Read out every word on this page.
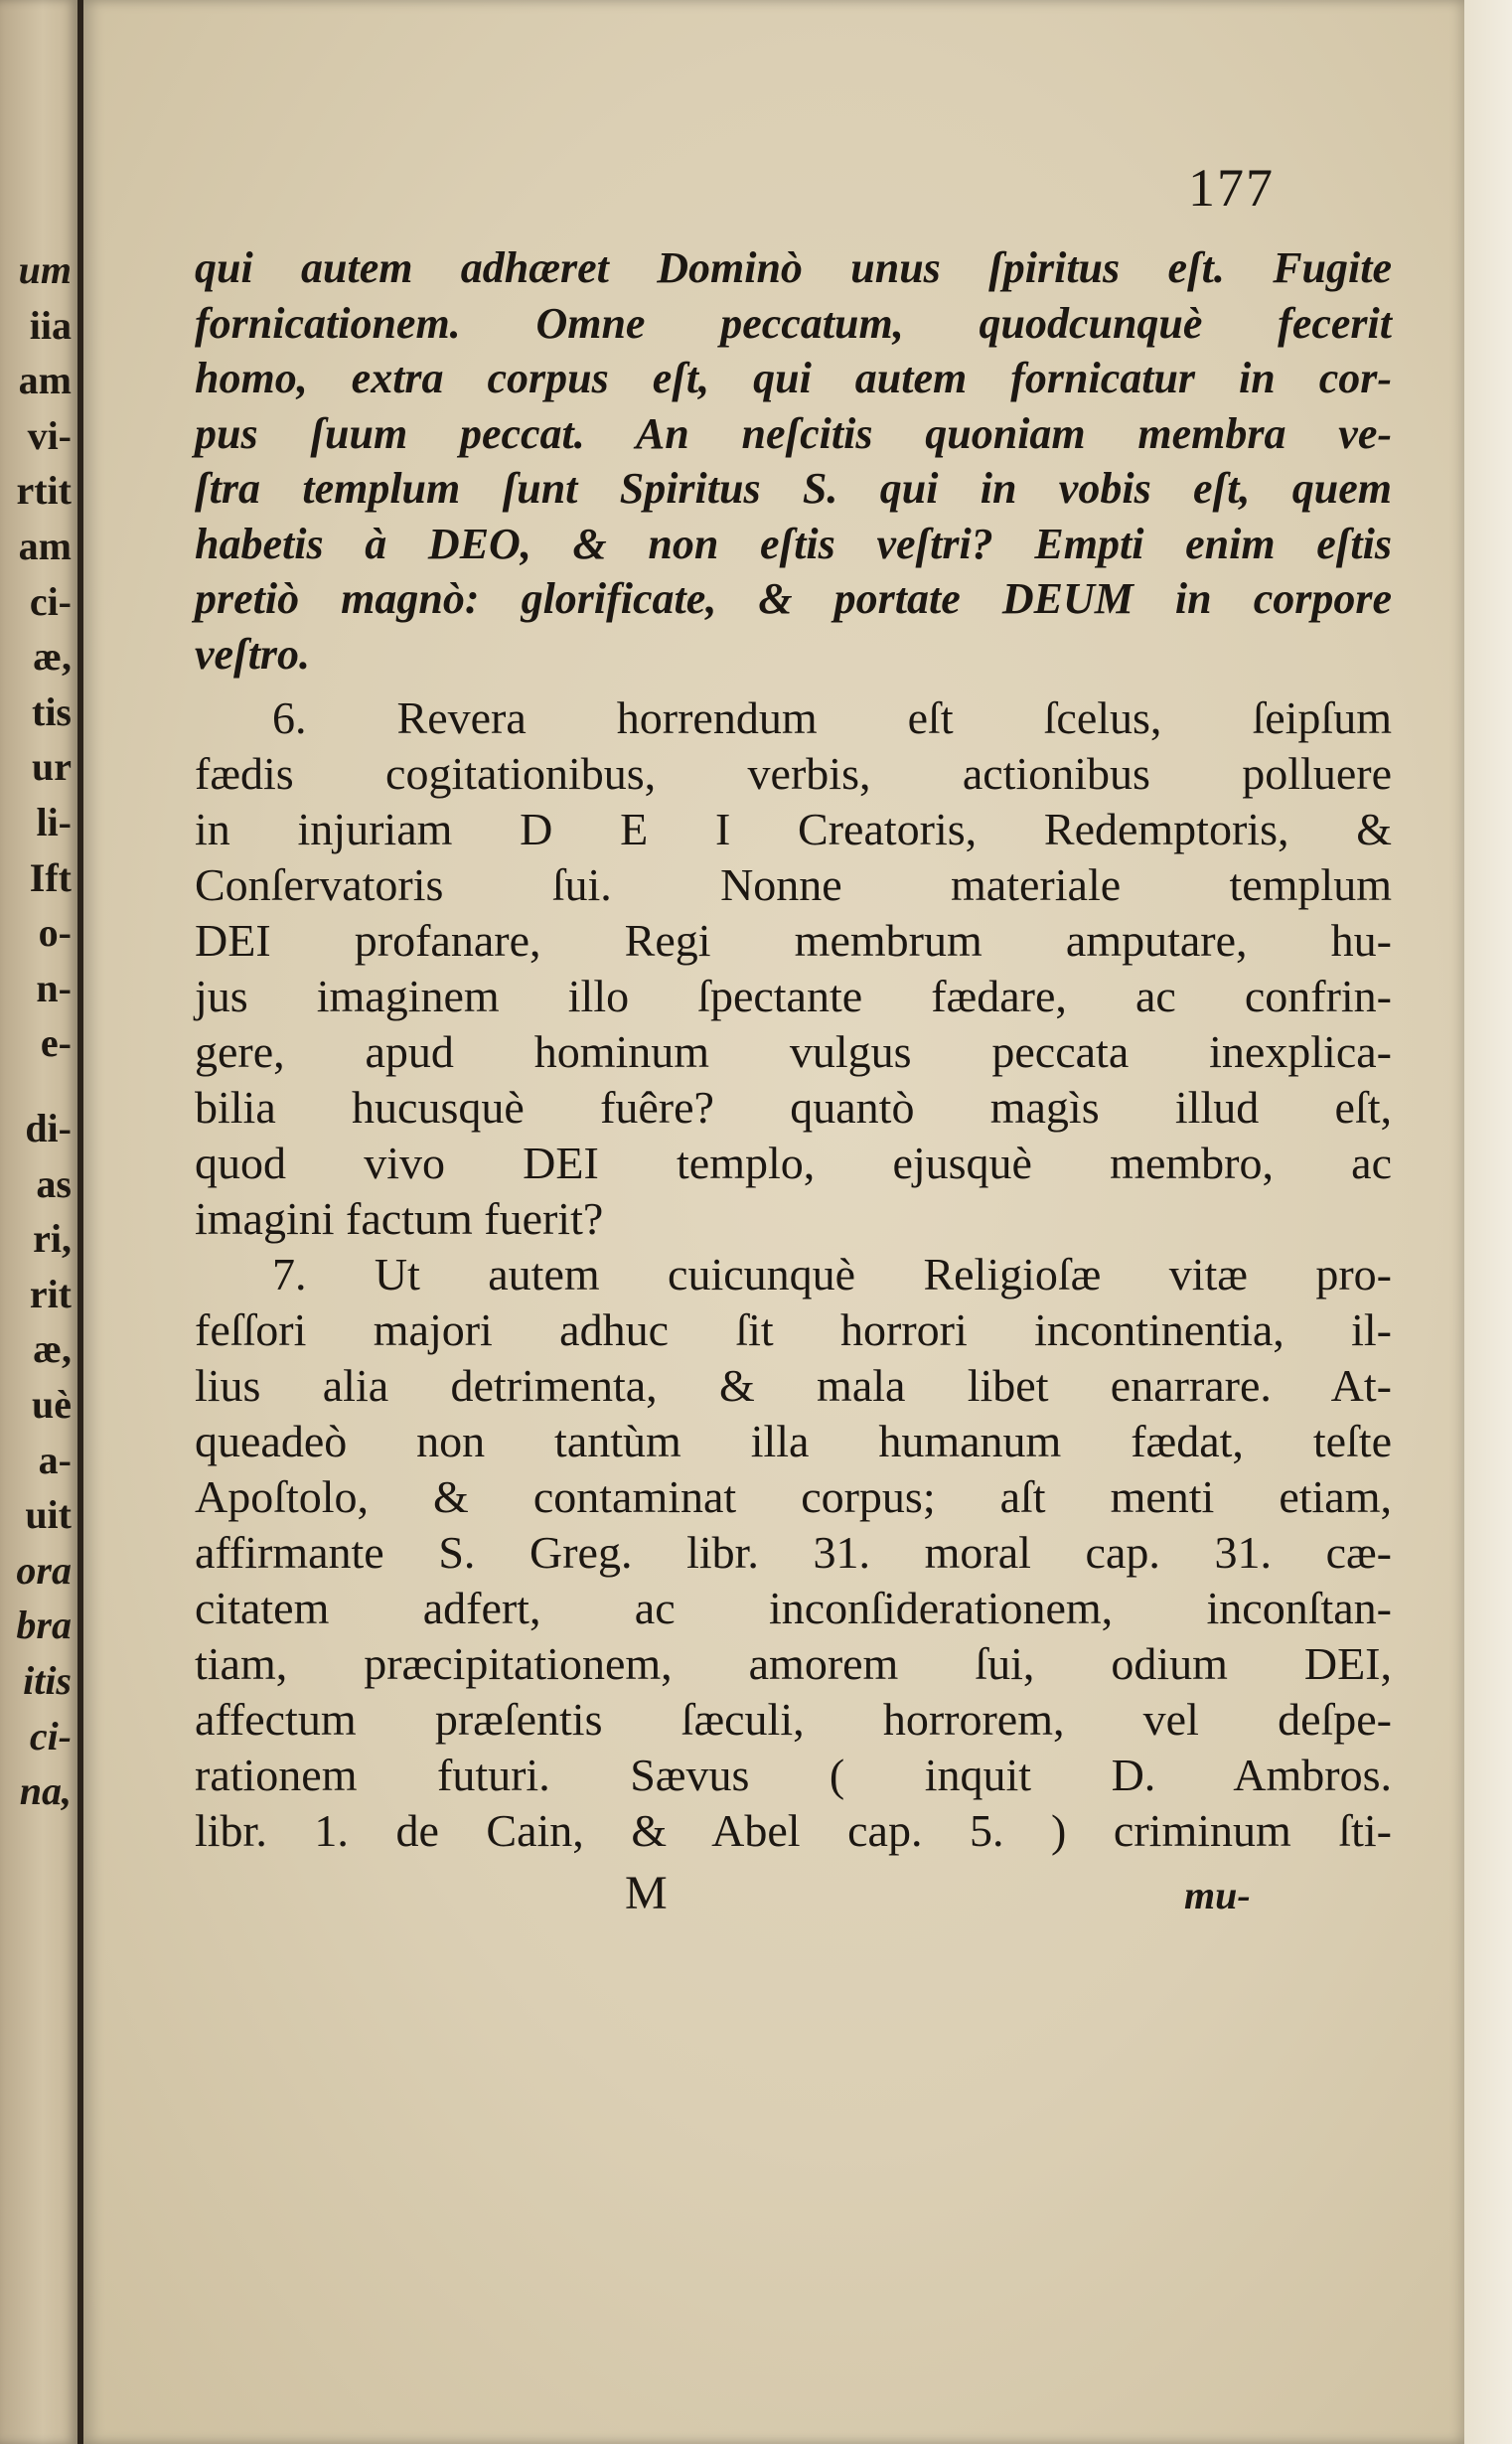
um
iia
am
vi-
rtit
am
ci-
æ,
tis
ur
li-
Ift
o-
n-
e-
di-
as
ri,
rit
æ,
uè
a-
uit
ora
bra
itis
ci-
na,
177
qui autem adhæret Dominò unus ſpiritus eſt. Fugite
fornicationem. Omne peccatum, quodcunquè fecerit
homo, extra corpus eſt, qui autem fornicatur in cor-
pus ſuum peccat. An neſcitis quoniam membra ve-
ſtra templum ſunt Spiritus S. qui in vobis eſt, quem
habetis à DEO, & non eſtis veſtri? Empti enim eſtis
pretiò magnò: glorificate, & portate DEUM in corpore
veſtro.
6. Revera horrendum eſt ſcelus, ſeipſum
fædis cogitationibus, verbis, actionibus polluere
in injuriam D E I Creatoris, Redemptoris, &
Conſervatoris ſui. Nonne materiale templum
DEI profanare, Regi membrum amputare, hu-
jus imaginem illo ſpectante fædare, ac confrin-
gere, apud hominum vulgus peccata inexplica-
bilia hucusquè fuêre? quantò magìs illud eſt,
quod vivo DEI templo, ejusquè membro, ac
imagini factum fuerit?
7. Ut autem cuicunquè Religioſæ vitæ pro-
feſſori majori adhuc ſit horrori incontinentia, il-
lius alia detrimenta, & mala libet enarrare. At-
queadeò non tantùm illa humanum fædat, teſte
Apoſtolo, & contaminat corpus; aſt menti etiam,
affirmante S. Greg. libr. 31. moral cap. 31. cæ-
citatem adfert, ac inconſiderationem, inconſtan-
tiam, præcipitationem, amorem ſui, odium DEI,
affectum præſentis ſæculi, horrorem, vel deſpe-
rationem futuri. Sævus ( inquit D. Ambros.
libr. 1. de Cain, & Abel cap. 5. ) criminum ſti-
M	mu-
